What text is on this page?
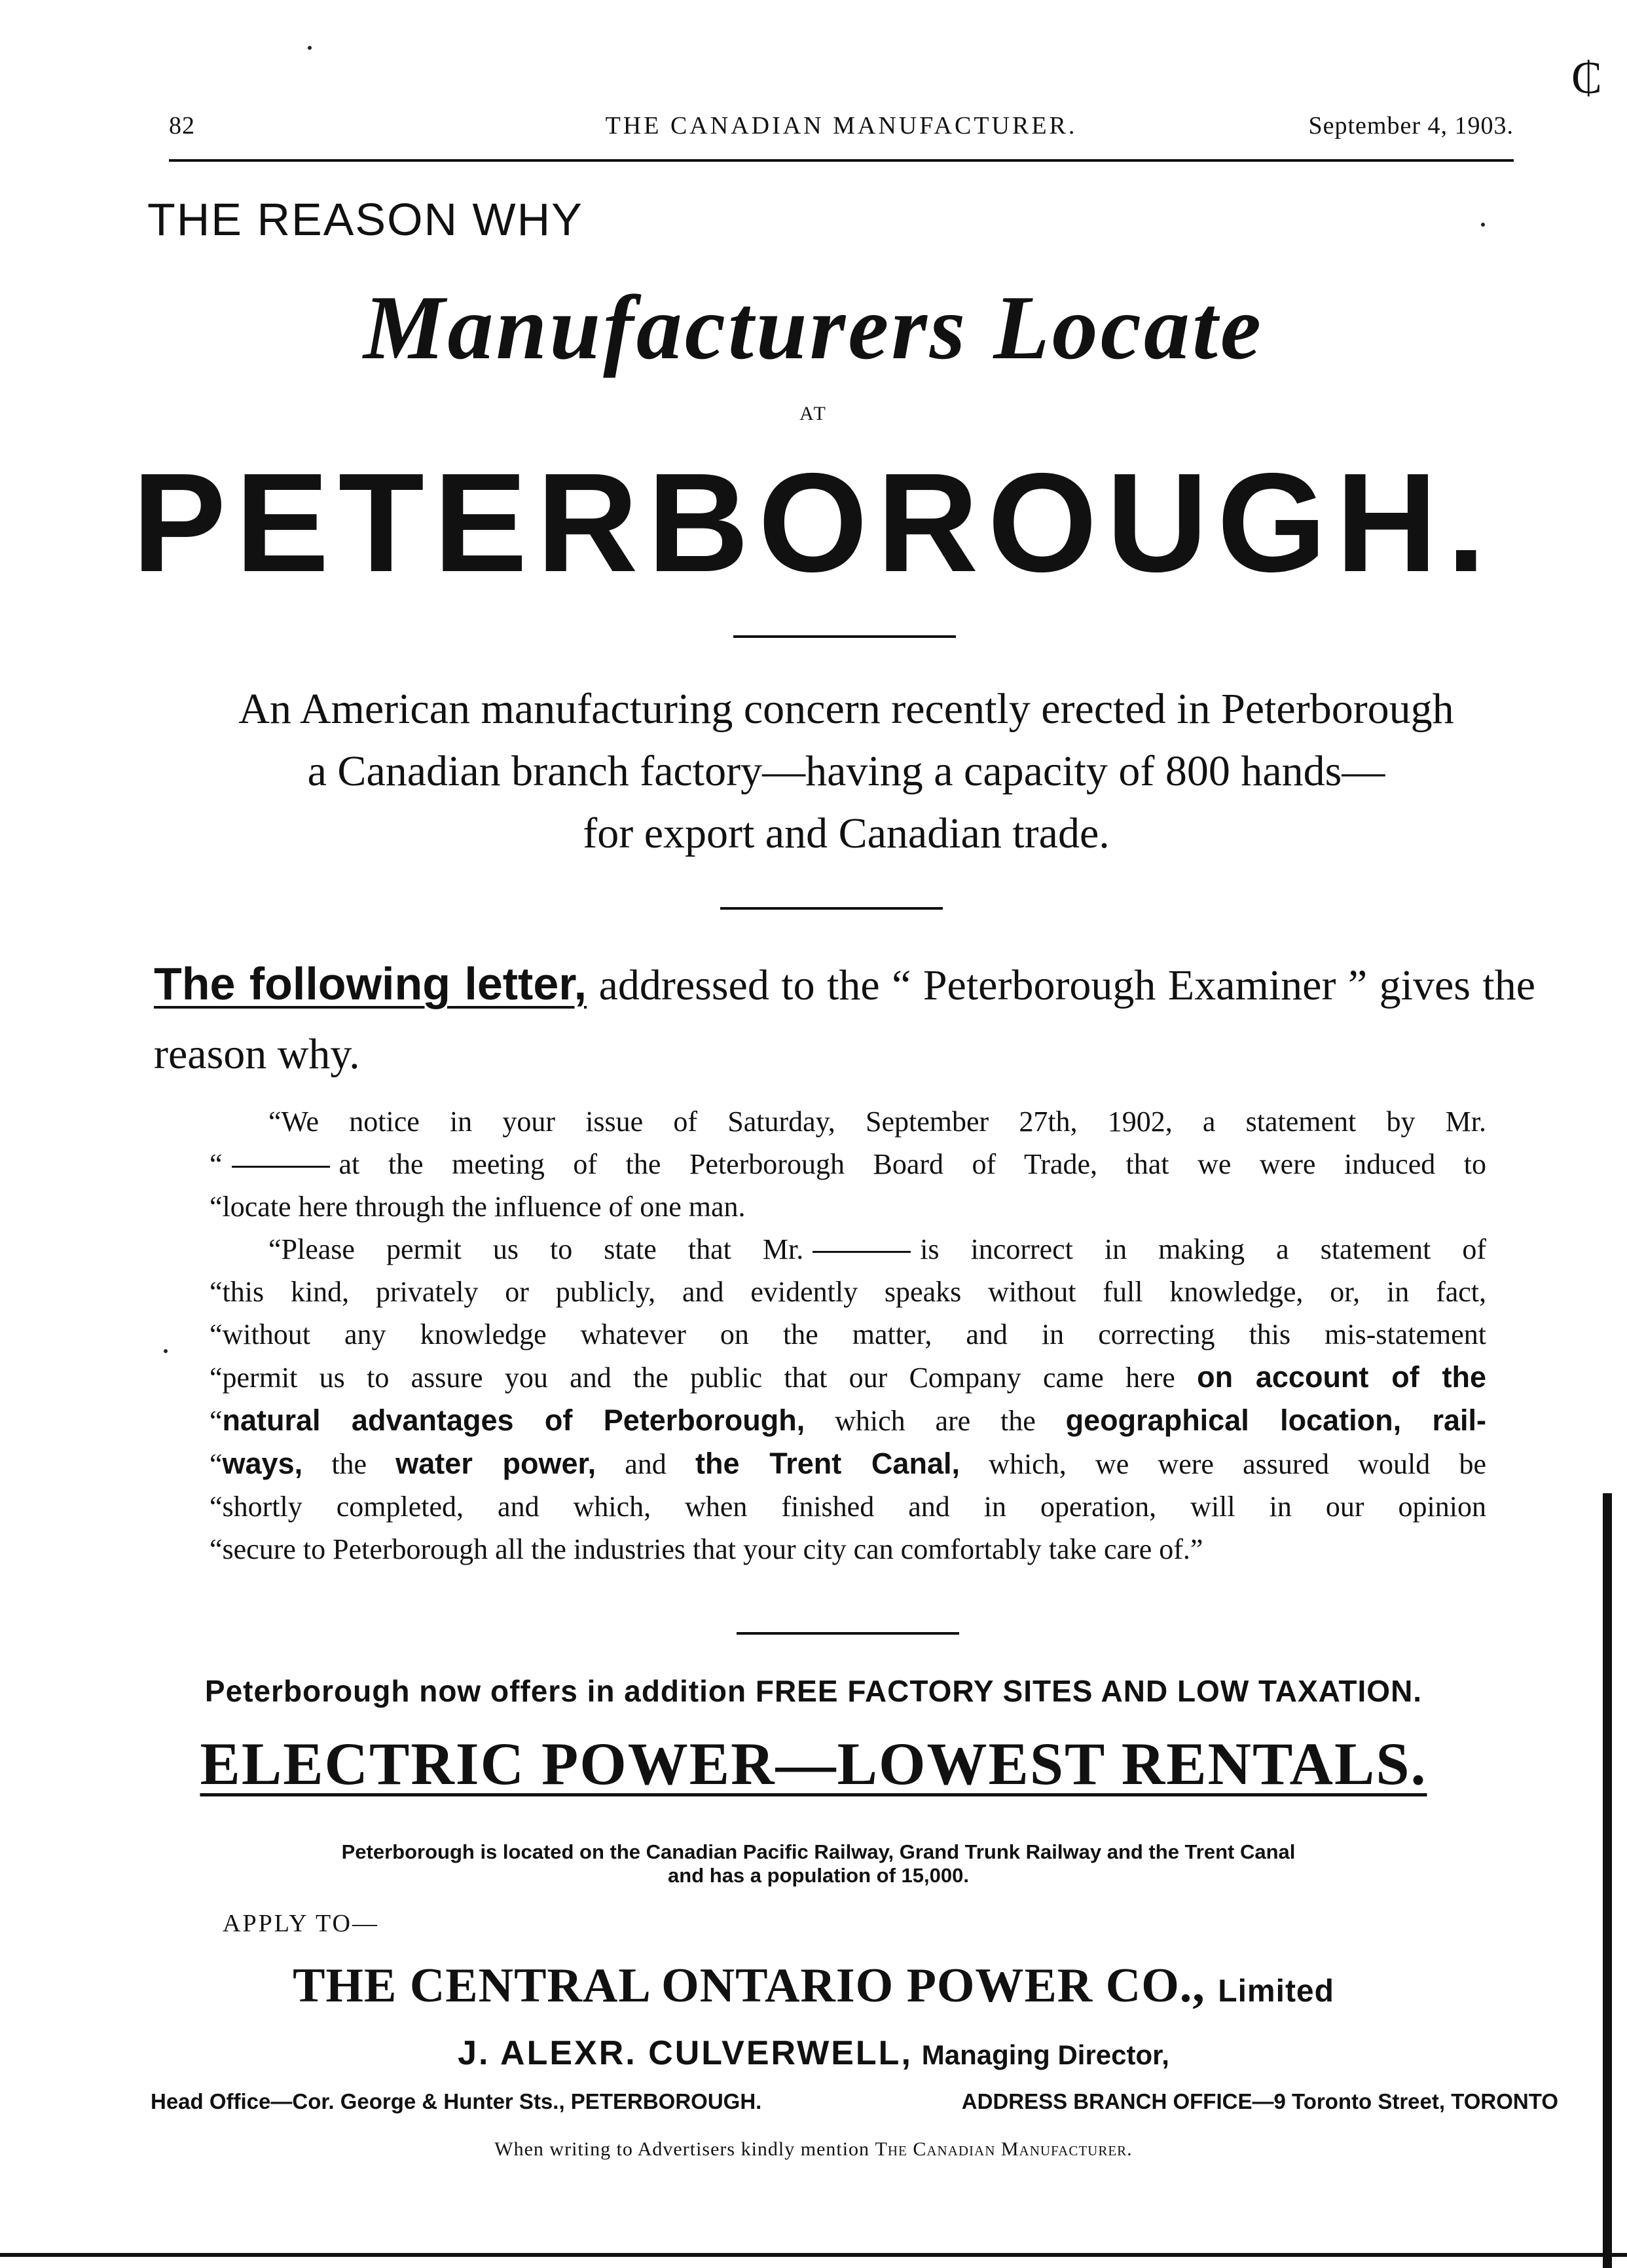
₵
82	THE CANADIAN MANUFACTURER.	September 4, 1903.
THE REASON WHY
Manufacturers Locate
AT
PETERBOROUGH.
An American manufacturing concern recently erected in Peterborough
a Canadian branch factory—having a capacity of 800 hands—
for export and Canadian trade.
The following letter, addressed to the “ Peterborough Examiner ” gives the reason why.

“We notice in your issue of Saturday, September 27th, 1902, a statement by Mr.

“	at the meeting of the Peterborough Board of Trade, that we were induced to

“locate here through the influence of one man.

“Please permit us to state that Mr.	is incorrect in making a statement of

“this kind, privately or publicly, and evidently speaks without full knowledge, or, in fact,

“without any knowledge whatever on the matter, and in correcting this mis-statement

“permit us to assure you and the public that our Company came here on account of the

“natural advantages of Peterborough, which are the geographical location, rail-

“ways, the water power, and the Trent Canal, which, we were assured would be

“shortly completed, and which, when finished and in operation, will in our opinion

“secure to Peterborough all the industries that your city can comfortably take care of.”

Peterborough now offers in addition FREE FACTORY SITES AND LOW TAXATION.
ELECTRIC POWER—LOWEST RENTALS.
Peterborough is located on the Canadian Pacific Railway, Grand Trunk Railway and the Trent Canal
and has a population of 15,000.
APPLY TO—
THE CENTRAL ONTARIO POWER CO., Limited
J. ALEXR. CULVERWELL, Managing Director,
Head Office—Cor. George & Hunter Sts., PETERBOROUGH.	ADDRESS BRANCH OFFICE—9 Toronto Street, TORONTO
When writing to Advertisers kindly mention The Canadian Manufacturer.
